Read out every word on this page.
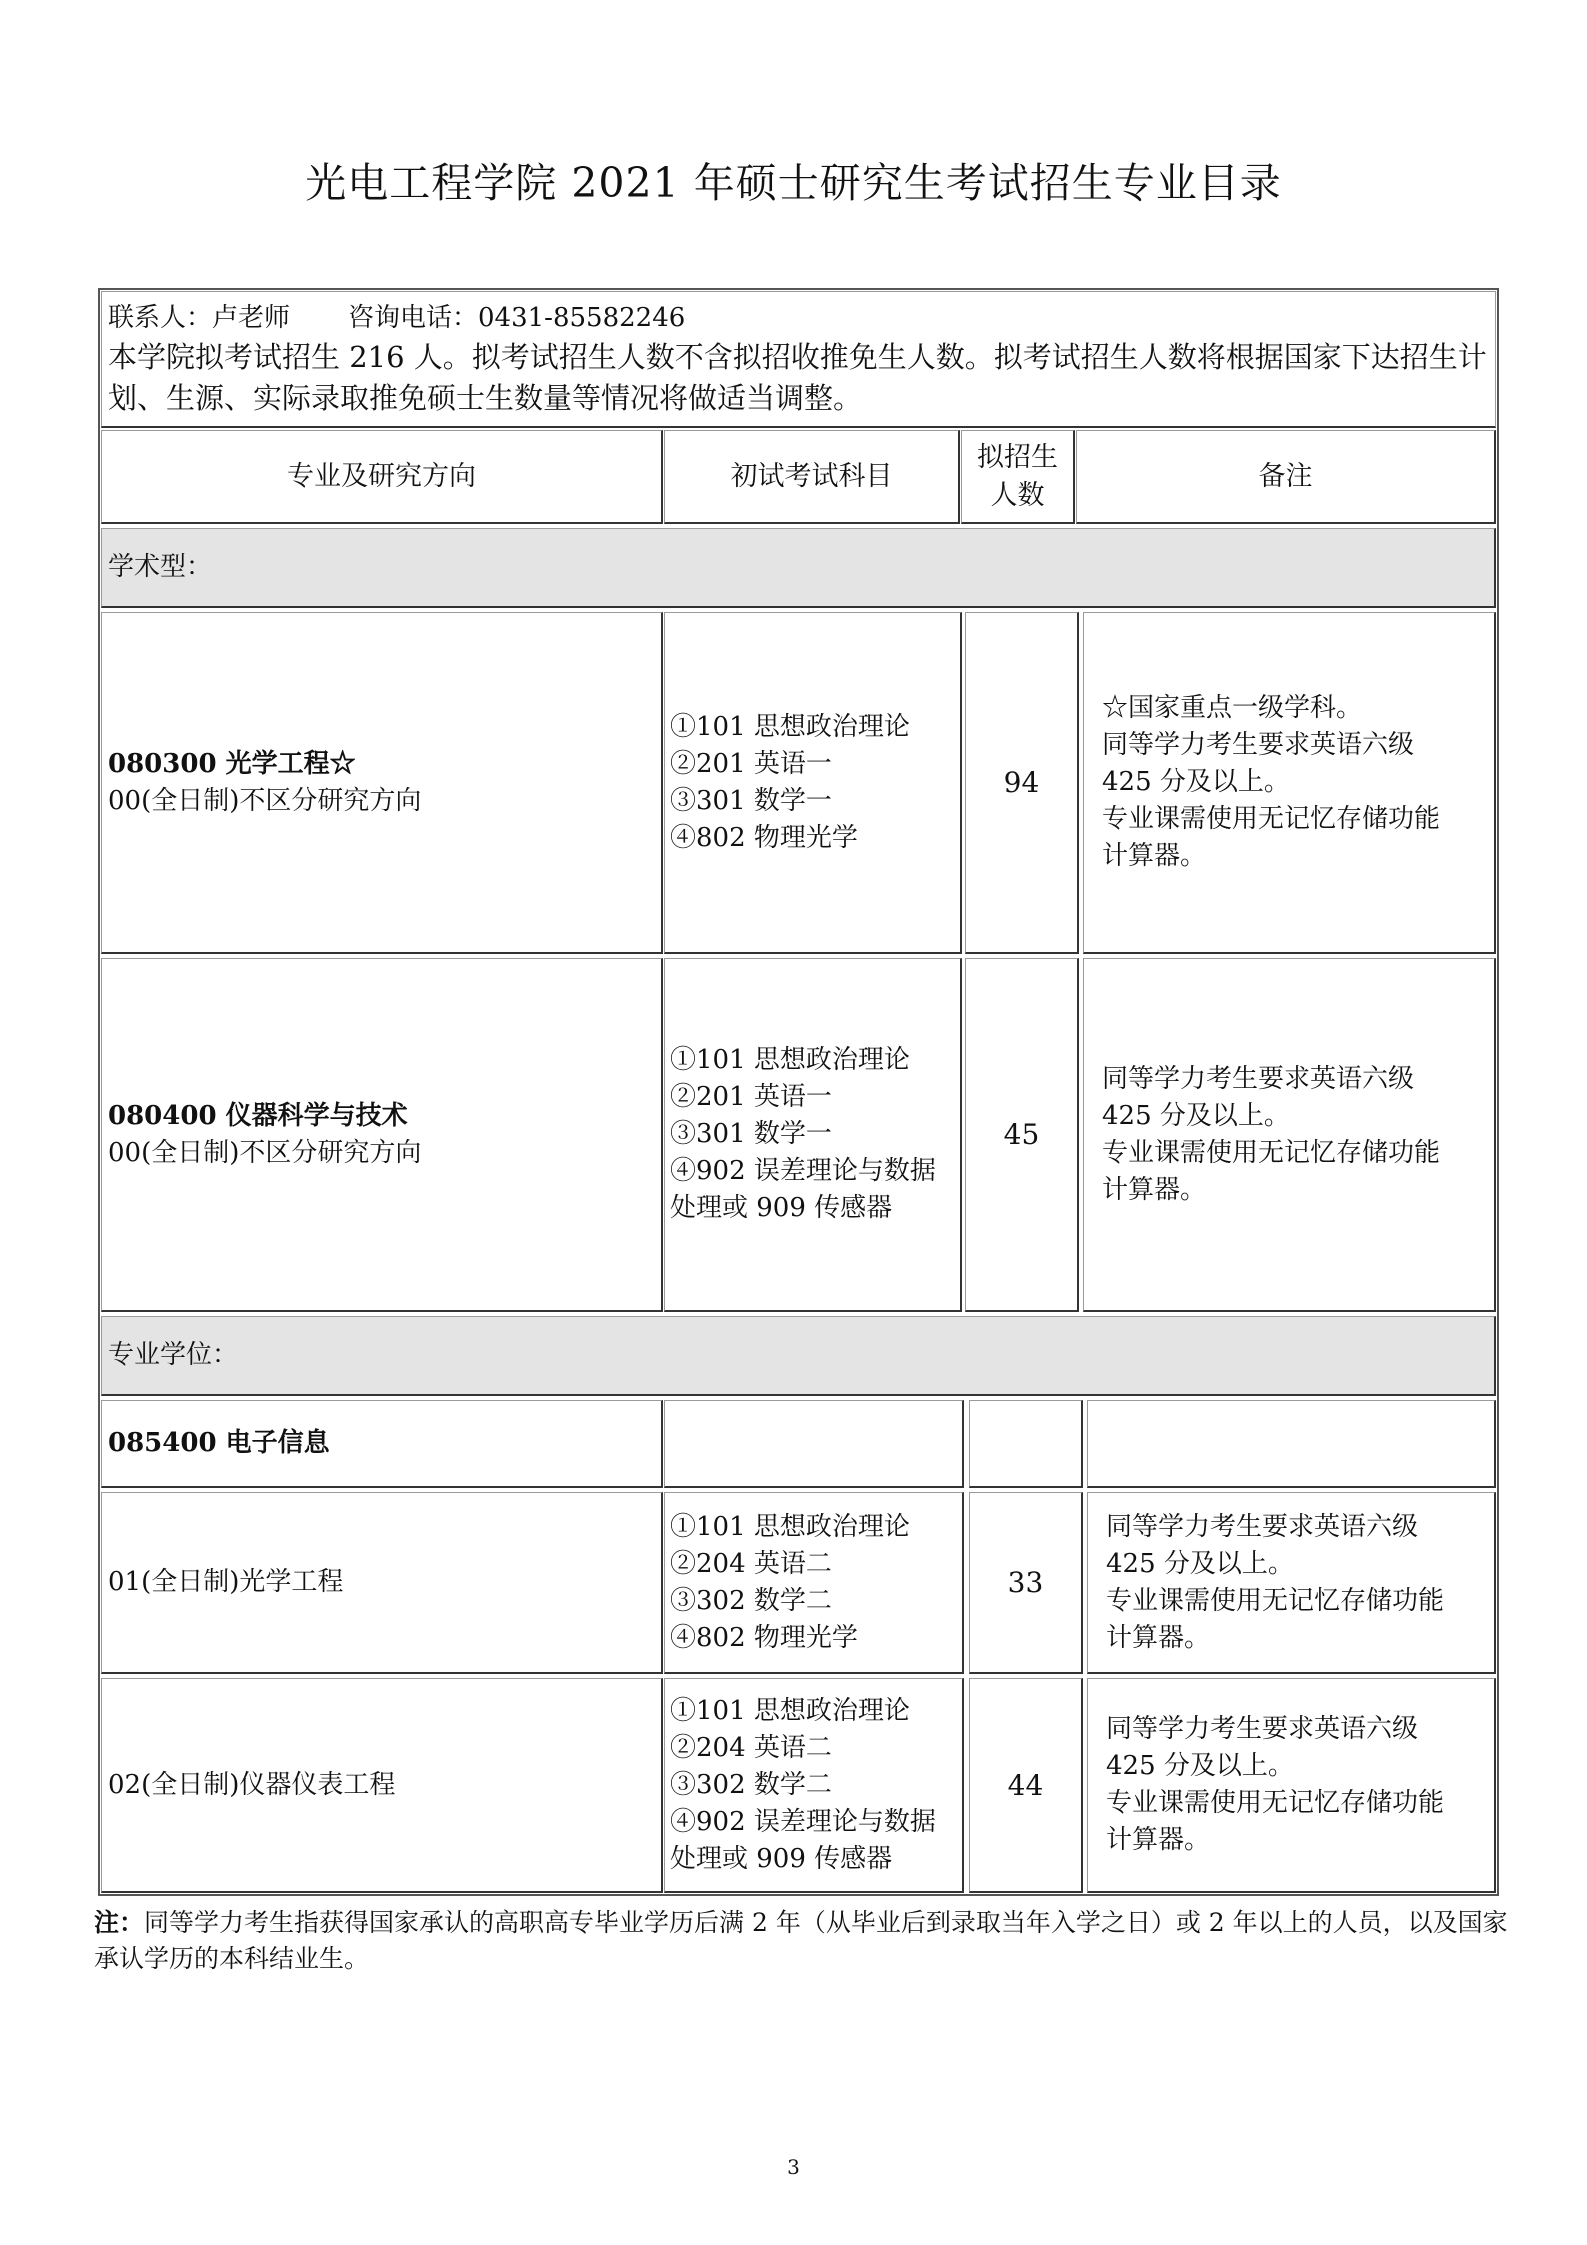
光电工程学院 2021 年硕士研究生考试招生专业目录
联系人：卢老师 咨询电话：0431-85582246
本学院拟考试招生 216 人。拟考试招生人数不含拟招收推免生人数。拟考试招生人数将根据国家下达招生计划、生源、实际录取推免硕士生数量等情况将做适当调整。
专业及研究方向	初试考试科目
拟招生
人数
备注
学术型：
080300 光学工程☆
00(全日制)不区分研究方向
①101 思想政治理论
②201 英语一
③301 数学一
④802 物理光学
94
☆国家重点一级学科。
同等学力考生要求英语六级
425 分及以上。
专业课需使用无记忆存储功能
计算器。
080400 仪器科学与技术
00(全日制)不区分研究方向
①101 思想政治理论
②201 英语一
③301 数学一
④902 误差理论与数据
处理或 909 传感器
45
同等学力考生要求英语六级
425 分及以上。
专业课需使用无记忆存储功能
计算器。
专业学位：
085400 电子信息
01(全日制)光学工程
①101 思想政治理论
②204 英语二
③302 数学二
④802 物理光学
33
同等学力考生要求英语六级
425 分及以上。
专业课需使用无记忆存储功能
计算器。
02(全日制)仪器仪表工程
①101 思想政治理论
②204 英语二
③302 数学二
④902 误差理论与数据
处理或 909 传感器
44
同等学力考生要求英语六级
425 分及以上。
专业课需使用无记忆存储功能
计算器。
注：同等学力考生指获得国家承认的高职高专毕业学历后满 2 年（从毕业后到录取当年入学之日）或 2 年以上的人员，以及国家承认学历的本科结业生。
3
